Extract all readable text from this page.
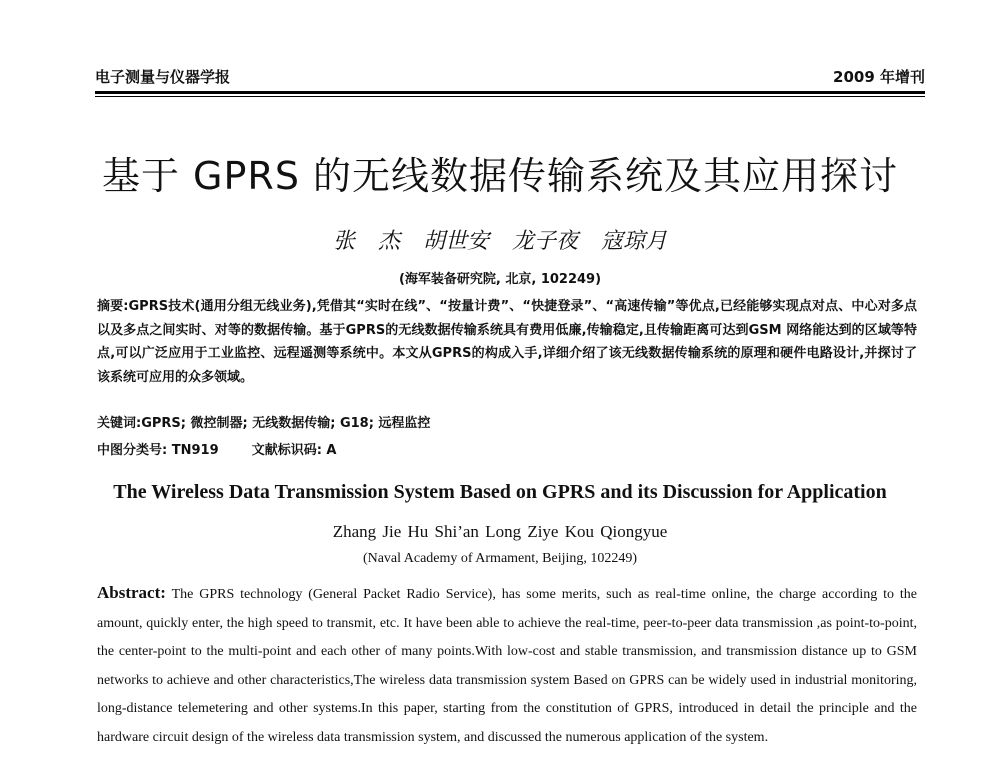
电子测量与仪器学报	2009 年增刊
基于 GPRS 的无线数据传输系统及其应用探讨
张 杰 胡世安 龙子夜 寇琼月
(海军装备研究院, 北京, 102249)
摘要:GPRS技术(通用分组无线业务),凭借其“实时在线”、“按量计费”、“快捷登录”、“高速传输”等优点,已经能够实现点对点、中心对多点以及多点之间实时、对等的数据传输。基于GPRS的无线数据传输系统具有费用低廉,传输稳定,且传输距离可达到GSM 网络能达到的区域等特点,可以广泛应用于工业监控、远程遥测等系统中。本文从GPRS的构成入手,详细介绍了该无线数据传输系统的原理和硬件电路设计,并探讨了该系统可应用的众多领域。
关键词:GPRS; 微控制器; 无线数据传输; G18; 远程监控
中图分类号: TN919	文献标识码: A
The Wireless Data Transmission System Based on GPRS and its Discussion for Application
Zhang Jie Hu Shi’an Long Ziye Kou Qiongyue
(Naval Academy of Armament, Beijing, 102249)
Abstract: The GPRS technology (General Packet Radio Service), has some merits, such as real-time online, the charge according to the amount, quickly enter, the high speed to transmit, etc. It have been able to achieve the real-time, peer-to-peer data transmission ,as point-to-point, the center-point to the multi-point and each other of many points.With low-cost and stable transmission, and transmission distance up to GSM networks to achieve and other characteristics,The wireless data transmission system Based on GPRS can be widely used in industrial monitoring, long-distance telemetering and other systems.In this paper, starting from the constitution of GPRS, introduced in detail the principle and the hardware circuit design of the wireless data transmission system, and discussed the numerous application of the system.
